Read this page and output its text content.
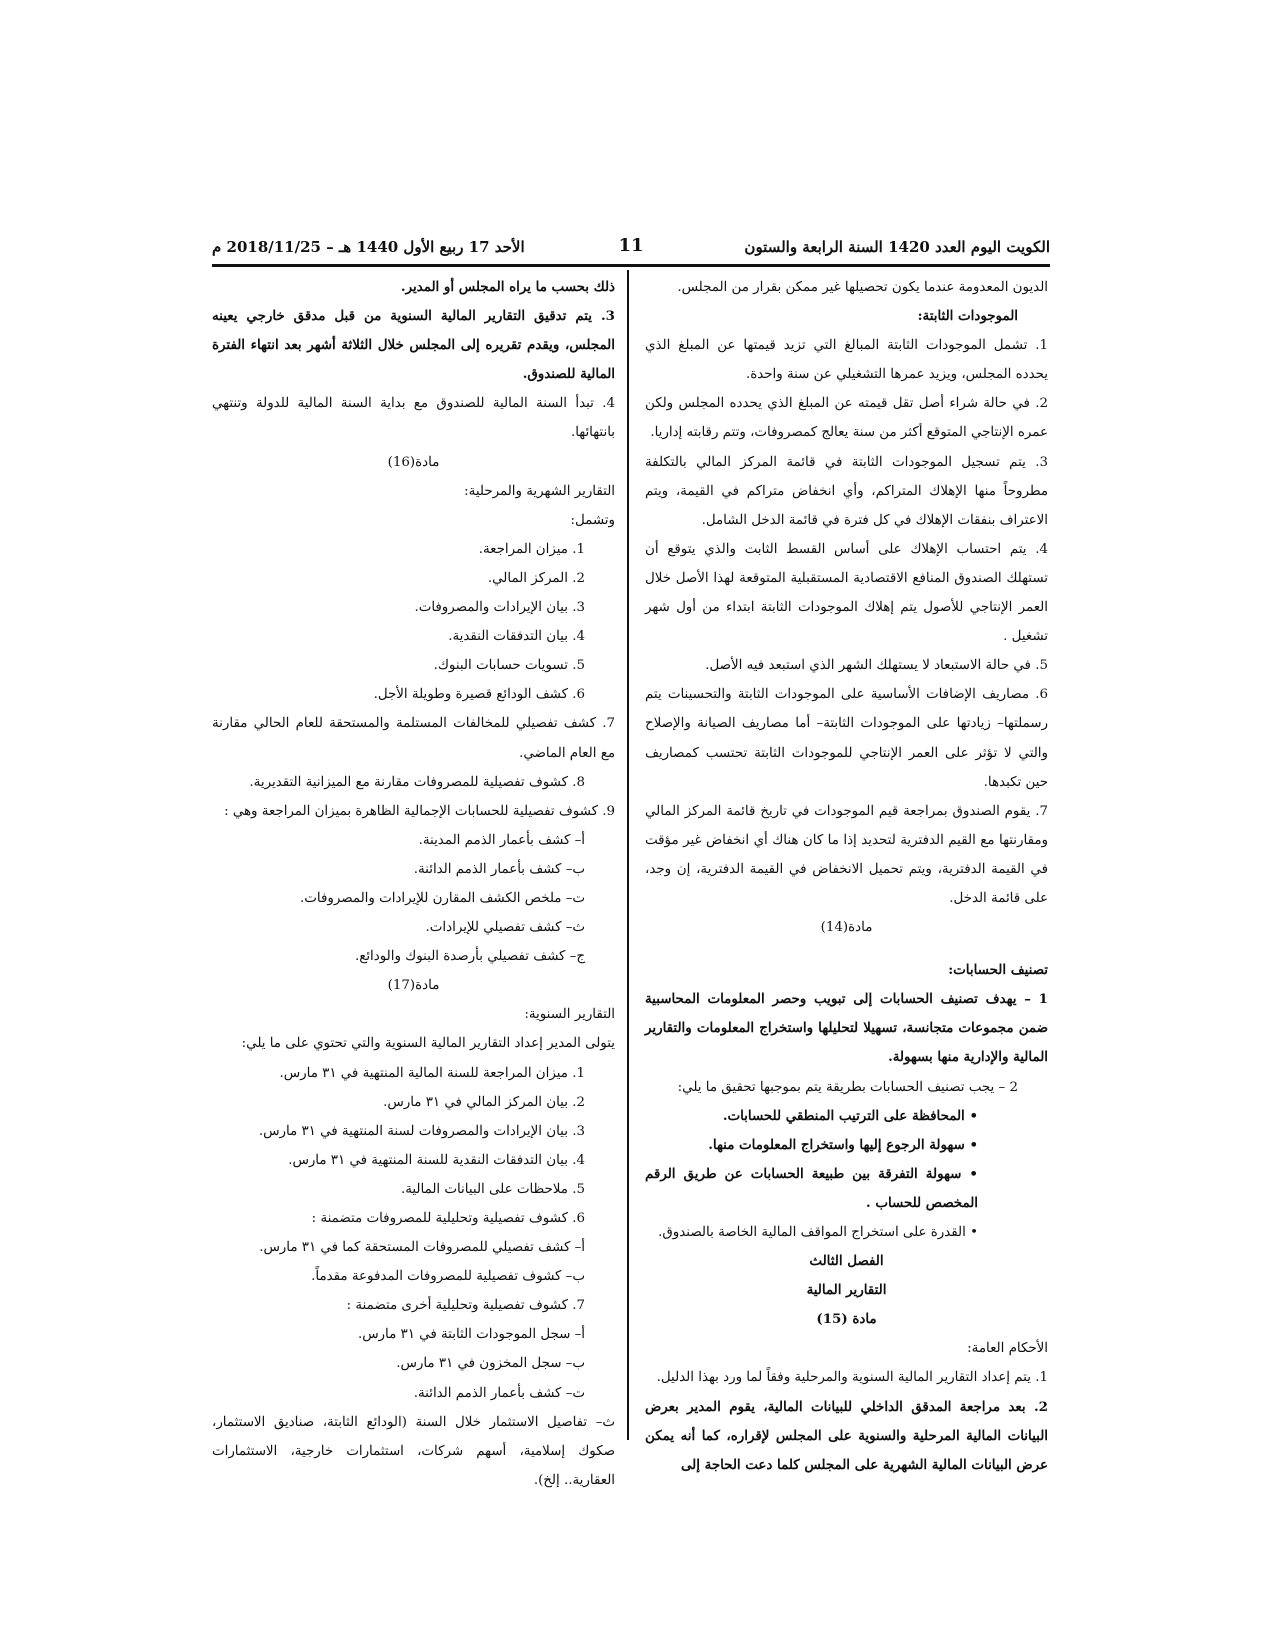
الكويت اليوم العدد 1420 السنة الرابعة والستون
11
الأحد 17 ربيع الأول 1440 هـ – 2018/11/25 م

الديون المعدومة عندما يكون تحصيلها غير ممكن بقرار من المجلس.

الموجودات الثابتة:

1. تشمل الموجودات الثابتة المبالغ التي تزيد قيمتها عن المبلغ الذي يحدده المجلس، ويزيد عمرها التشغيلي عن سنة واحدة.

2. في حالة شراء أصل تقل قيمته عن المبلغ الذي يحدده المجلس ولكن عمره الإنتاجي المتوقع أكثر من سنة يعالج كمصروفات، وتتم رقابته إداريا.

3. يتم تسجيل الموجودات الثابتة في قائمة المركز المالي بالتكلفة مطروحاً منها الإهلاك المتراكم، وأي انخفاض متراكم في القيمة، ويتم الاعتراف بنفقات الإهلاك في كل فترة في قائمة الدخل الشامل.

4. يتم احتساب الإهلاك على أساس القسط الثابت والذي يتوقع أن تستهلك الصندوق المنافع الاقتصادية المستقبلية المتوقعة لهذا الأصل خلال العمر الإنتاجي للأصول يتم إهلاك الموجودات الثابتة ابتداء من أول شهر تشغيل .

5. في حالة الاستبعاد لا يستهلك الشهر الذي استبعد فيه الأصل.

6. مصاريف الإضافات الأساسية على الموجودات الثابتة والتحسينات يتم رسملتها– زيادتها على الموجودات الثابتة– أما مصاريف الصيانة والإصلاح والتي لا تؤثر على العمر الإنتاجي للموجودات الثابتة تحتسب كمصاريف حين تكبدها.

7. يقوم الصندوق بمراجعة قيم الموجودات في تاريخ قائمة المركز المالي ومقارنتها مع القيم الدفترية لتحديد إذا ما كان هناك أي انخفاض غير مؤقت في القيمة الدفترية، ويتم تحميل الانخفاض في القيمة الدفترية، إن وجد، على قائمة الدخل.

مادة(14)

تصنيف الحسابات:

1 – يهدف تصنيف الحسابات إلى تبويب وحصر المعلومات المحاسبية ضمن مجموعات متجانسة، تسهيلا لتحليلها واستخراج المعلومات والتقارير المالية والإدارية منها بسهولة.

2 – يجب تصنيف الحسابات بطريقة يتم بموجبها تحقيق ما يلي:

• المحافظة على الترتيب المنطقي للحسابات.

• سهولة الرجوع إليها واستخراج المعلومات منها.

• سهولة التفرقة بين طبيعة الحسابات عن طريق الرقم المخصص للحساب .

• القدرة على استخراج المواقف المالية الخاصة بالصندوق.

الفصل الثالث

التقارير المالية

مادة (15)

الأحكام العامة:

1. يتم إعداد التقارير المالية السنوية والمرحلية وفقاً لما ورد بهذا الدليل.

2. بعد مراجعة المدقق الداخلي للبيانات المالية، يقوم المدير بعرض البيانات المالية المرحلية والسنوية على المجلس لإقراره، كما أنه يمكن عرض البيانات المالية الشهرية على المجلس كلما دعت الحاجة إلى

ذلك بحسب ما يراه المجلس أو المدير.

3. يتم تدقيق التقارير المالية السنوية من قبل مدقق خارجي يعينه المجلس، ويقدم تقريره إلى المجلس خلال الثلاثة أشهر بعد انتهاء الفترة المالية للصندوق.

4. تبدأ السنة المالية للصندوق مع بداية السنة المالية للدولة وتنتهي بانتهائها.

مادة(16)

التقارير الشهرية والمرحلية:

وتشمل:

1. ميزان المراجعة.

2. المركز المالي.

3. بيان الإيرادات والمصروفات.

4. بيان التدفقات النقدية.

5. تسويات حسابات البنوك.

6. كشف الودائع قصيرة وطويلة الأجل.

7. كشف تفصيلي للمخالفات المستلمة والمستحقة للعام الحالي مقارنة مع العام الماضي.

8. كشوف تفصيلية للمصروفات مقارنة مع الميزانية التقديرية.

9. كشوف تفصيلية للحسابات الإجمالية الظاهرة بميزان المراجعة وهي :

أ– كشف بأعمار الذمم المدينة.

ب– كشف بأعمار الذمم الدائنة.

ت– ملخص الكشف المقارن للإيرادات والمصروفات.

ث– كشف تفصيلي للإيرادات.

ج– كشف تفصيلي بأرصدة البنوك والودائع.

مادة(17)

التقارير السنوية:

يتولى المدير إعداد التقارير المالية السنوية والتي تحتوي على ما يلي:

1. ميزان المراجعة للسنة المالية المنتهية في ٣١ مارس.

2. بيان المركز المالي في ٣١ مارس.

3. بيان الإيرادات والمصروفات لسنة المنتهية في ٣١ مارس.

4. بيان التدفقات النقدية للسنة المنتهية في ٣١ مارس.

5. ملاحظات على البيانات المالية.

6. كشوف تفصيلية وتحليلية للمصروفات متضمنة :

أ– كشف تفصيلي للمصروفات المستحقة كما في ٣١ مارس.

ب– كشوف تفصيلية للمصروفات المدفوعة مقدماً.

7. كشوف تفصيلية وتحليلية أخرى متضمنة :

أ– سجل الموجودات الثابتة في ٣١ مارس.

ب– سجل المخزون في ٣١ مارس.

ت– كشف بأعمار الذمم الدائنة.

ث– تفاصيل الاستثمار خلال السنة (الودائع الثابتة، صناديق الاستثمار، صكوك إسلامية، أسهم شركات، استثمارات خارجية، الاستثمارات العقارية.. إلخ).
